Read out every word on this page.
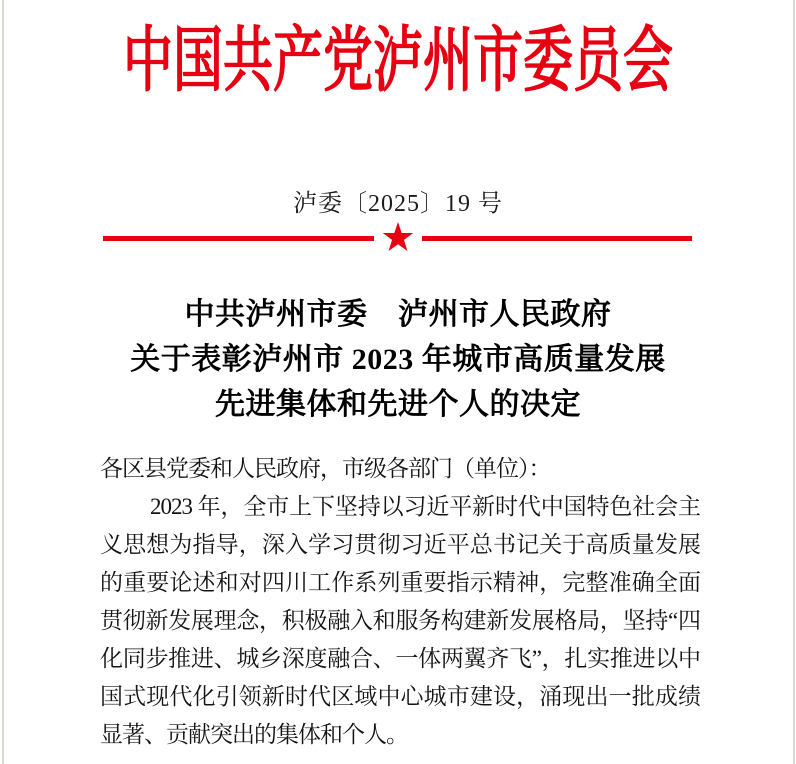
中国共产党泸州市委员会
泸委〔2025〕19 号
中共泸州市委　泸州市人民政府
关于表彰泸州市 2023 年城市高质量发展
先进集体和先进个人的决定
各区县党委和人民政府，市级各部门（单位）：
2023 年，全市上下坚持以习近平新时代中国特色社会主
义思想为指导，深入学习贯彻习近平总书记关于高质量发展
的重要论述和对四川工作系列重要指示精神，完整准确全面
贯彻新发展理念，积极融入和服务构建新发展格局，坚持“四
化同步推进、城乡深度融合、一体两翼齐飞”，扎实推进以中
国式现代化引领新时代区域中心城市建设，涌现出一批成绩
显著、贡献突出的集体和个人。
